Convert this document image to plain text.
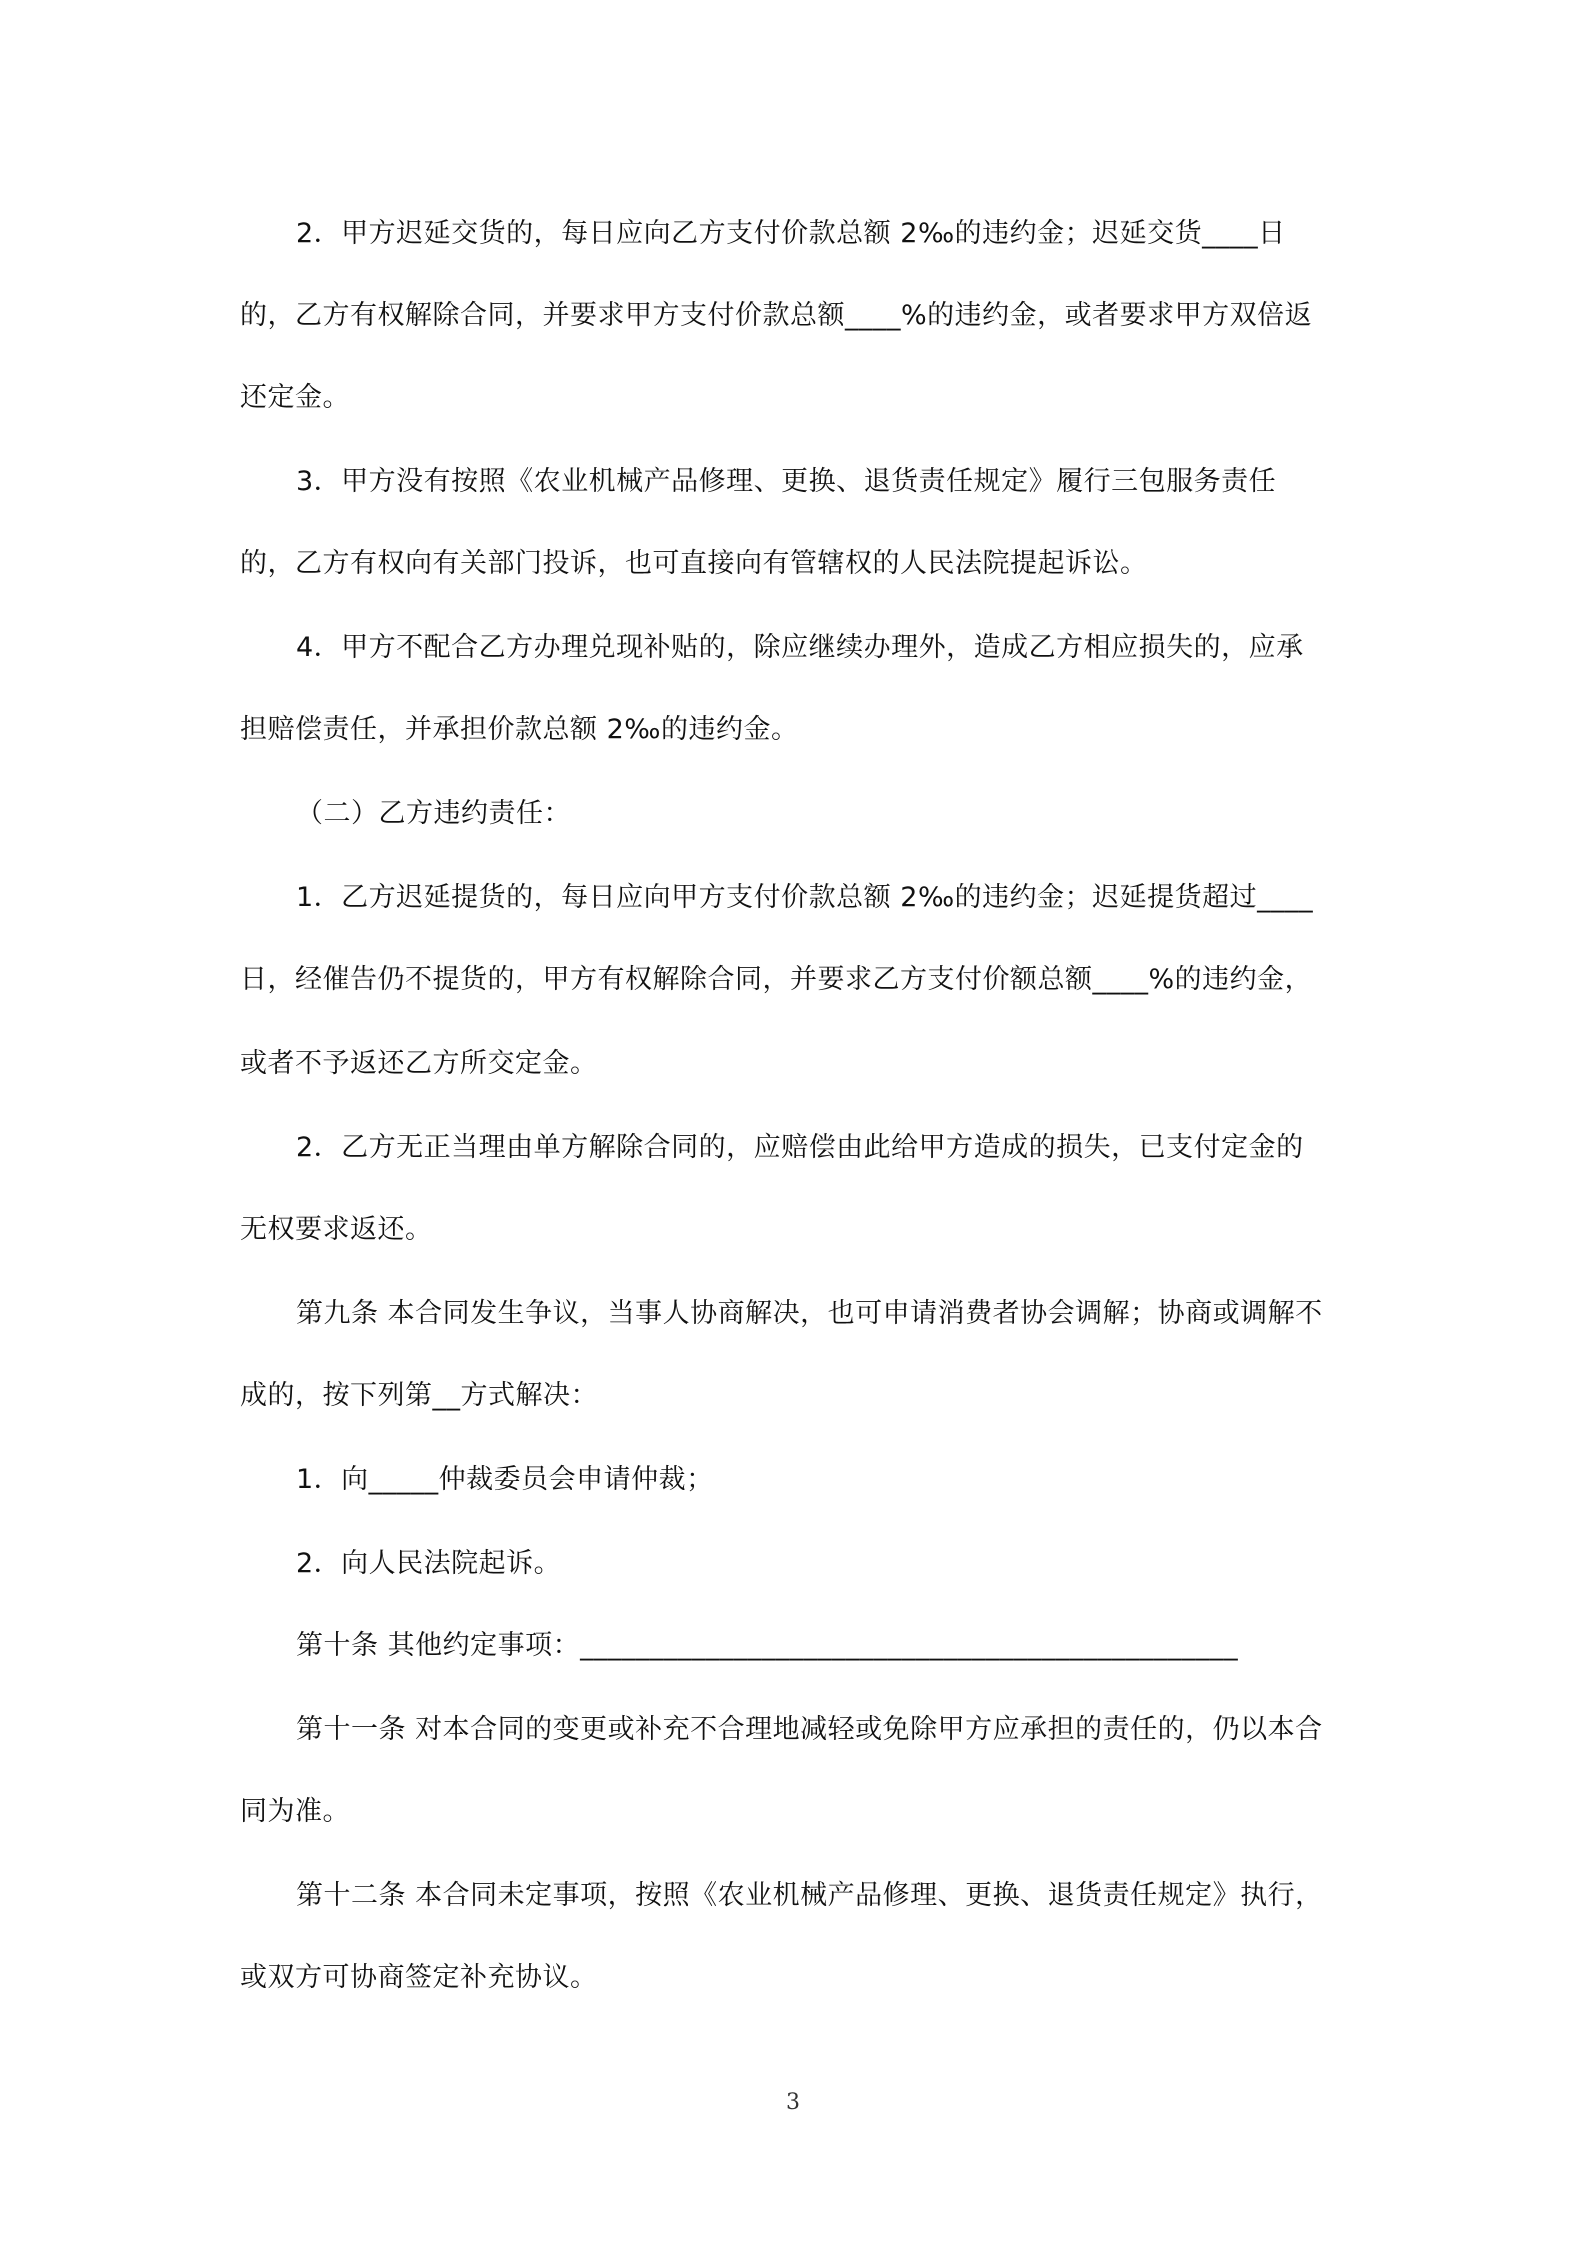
2．甲方迟延交货的，每日应向乙方支付价款总额 2‰的违约金；迟延交货____日
的，乙方有权解除合同，并要求甲方支付价款总额____%的违约金，或者要求甲方双倍返
还定金。
3．甲方没有按照《农业机械产品修理、更换、退货责任规定》履行三包服务责任
的，乙方有权向有关部门投诉，也可直接向有管辖权的人民法院提起诉讼。
4．甲方不配合乙方办理兑现补贴的，除应继续办理外，造成乙方相应损失的，应承
担赔偿责任，并承担价款总额 2‰的违约金。
（二）乙方违约责任：
1．乙方迟延提货的，每日应向甲方支付价款总额 2‰的违约金；迟延提货超过____
日，经催告仍不提货的，甲方有权解除合同，并要求乙方支付价额总额____%的违约金，
或者不予返还乙方所交定金。
2．乙方无正当理由单方解除合同的，应赔偿由此给甲方造成的损失，已支付定金的
无权要求返还。
第九条 本合同发生争议，当事人协商解决，也可申请消费者协会调解；协商或调解不
成的，按下列第__方式解决：
1．向_____仲裁委员会申请仲裁；
2．向人民法院起诉。
第十条 其他约定事项：_______________________________________________
第十一条 对本合同的变更或补充不合理地减轻或免除甲方应承担的责任的，仍以本合
同为准。
第十二条 本合同未定事项，按照《农业机械产品修理、更换、退货责任规定》执行，
或双方可协商签定补充协议。
3
